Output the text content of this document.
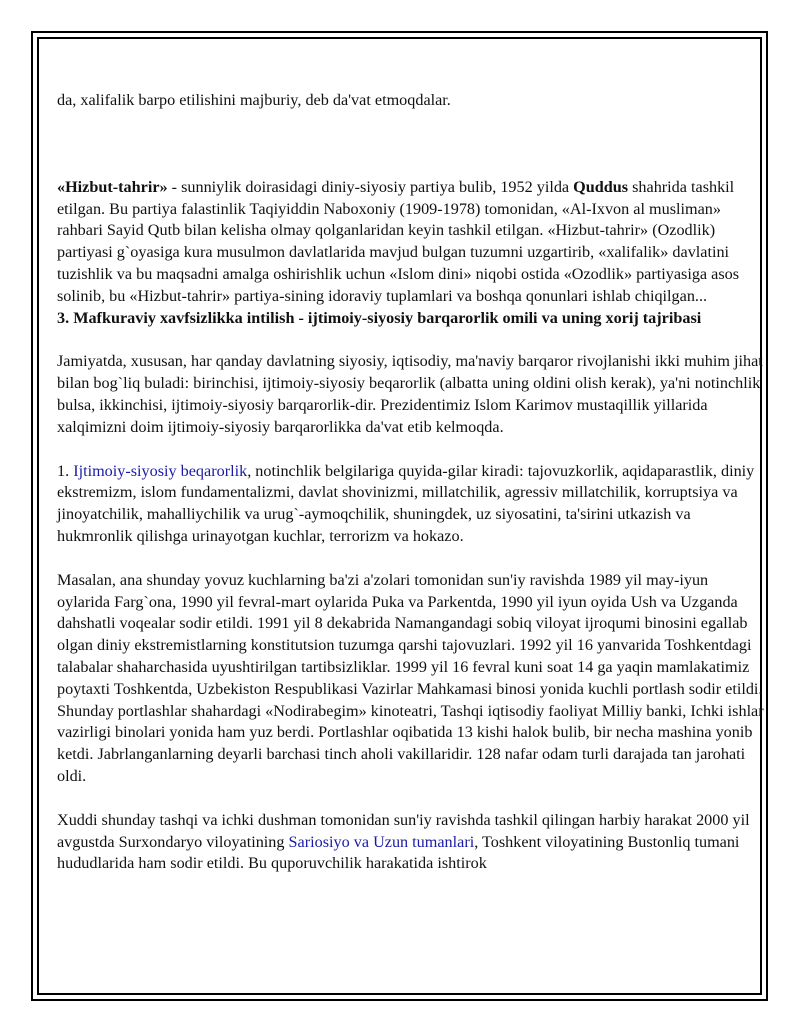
da, xalifalik barpo etilishini majburiy, deb da'vat etmoqdalar.

«Hizbut-tahrir» - sunniylik doirasidagi diniy-siyosiy partiya bulib, 1952 yilda Quddus shahrida tashkil etilgan. Bu partiya falastinlik Taqiyiddin Naboxoniy (1909-1978) tomonidan, «Al-Ixvon al musliman» rahbari Sayid Qutb bilan kelisha olmay qolganlaridan keyin tashkil etilgan. «Hizbut-tahrir» (Ozodlik) partiyasi g`oyasiga kura musulmon davlatlarida mavjud bulgan tuzumni uzgartirib, «xalifalik» davlatini tuzishlik va bu maqsadni amalga oshirishlik uchun «Islom dini» niqobi ostida «Ozodlik» partiyasiga asos solinib, bu «Hizbut-tahrir» partiya-sining idoraviy tuplamlari va boshqa qonunlari ishlab chiqilgan...

3. Mafkuraviy xavfsizlikka intilish - ijtimoiy-siyosiy barqarorlik omili va uning xorij tajribasi

Jamiyatda, xususan, har qanday davlatning siyosiy, iqtisodiy, ma'naviy barqaror rivojlanishi ikki muhim jihat bilan bog`liq buladi: birinchisi, ijtimoiy-siyosiy beqarorlik (albatta uning oldini olish kerak), ya'ni notinchlik bulsa, ikkinchisi, ijtimoiy-siyosiy barqarorlik-dir. Prezidentimiz Islom Karimov mustaqillik yillarida xalqimizni doim ijtimoiy-siyosiy barqarorlikka da'vat etib kelmoqda.

1. Ijtimoiy-siyosiy beqarorlik, notinchlik belgilariga quyida-gilar kiradi: tajovuzkorlik, aqidaparastlik, diniy ekstremizm, islom fundamentalizmi, davlat shovinizmi, millatchilik, agressiv millatchilik, korruptsiya va jinoyatchilik, mahalliychilik va urug`-aymoqchilik, shuningdek, uz siyosatini, ta'sirini utkazish va hukmronlik qilishga urinayotgan kuchlar, terrorizm va hokazo.

Masalan, ana shunday yovuz kuchlarning ba'zi a'zolari tomonidan sun'iy ravishda 1989 yil may-iyun oylarida Farg`ona, 1990 yil fevral-mart oylarida Puka va Parkentda, 1990 yil iyun oyida Ush va Uzganda dahshatli voqealar sodir etildi. 1991 yil 8 dekabrida Namangandagi sobiq viloyat ijroqumi binosini egallab olgan diniy ekstremistlarning konstitutsion tuzumga qarshi tajovuzlari. 1992 yil 16 yanvarida Toshkentdagi talabalar shaharchasida uyushtirilgan tartibsizliklar. 1999 yil 16 fevral kuni soat 14 ga yaqin mamlakatimiz poytaxti Toshkentda, Uzbekiston Respublikasi Vazirlar Mahkamasi binosi yonida kuchli portlash sodir etildi. Shunday portlashlar shahardagi «Nodirabegim» kinoteatri, Tashqi iqtisodiy faoliyat Milliy banki, Ichki ishlar vazirligi binolari yonida ham yuz berdi. Portlashlar oqibatida 13 kishi halok bulib, bir necha mashina yonib ketdi. Jabrlanganlarning deyarli barchasi tinch aholi vakillaridir. 128 nafar odam turli darajada tan jarohati oldi.

Xuddi shunday tashqi va ichki dushman tomonidan sun'iy ravishda tashkil qilingan harbiy harakat 2000 yil avgustda Surxondaryo viloyatining Sariosiyo va Uzun tumanlari, Toshkent viloyatining Bustonliq tumani hududlarida ham sodir etildi. Bu quporuvchilik harakatida ishtirok
